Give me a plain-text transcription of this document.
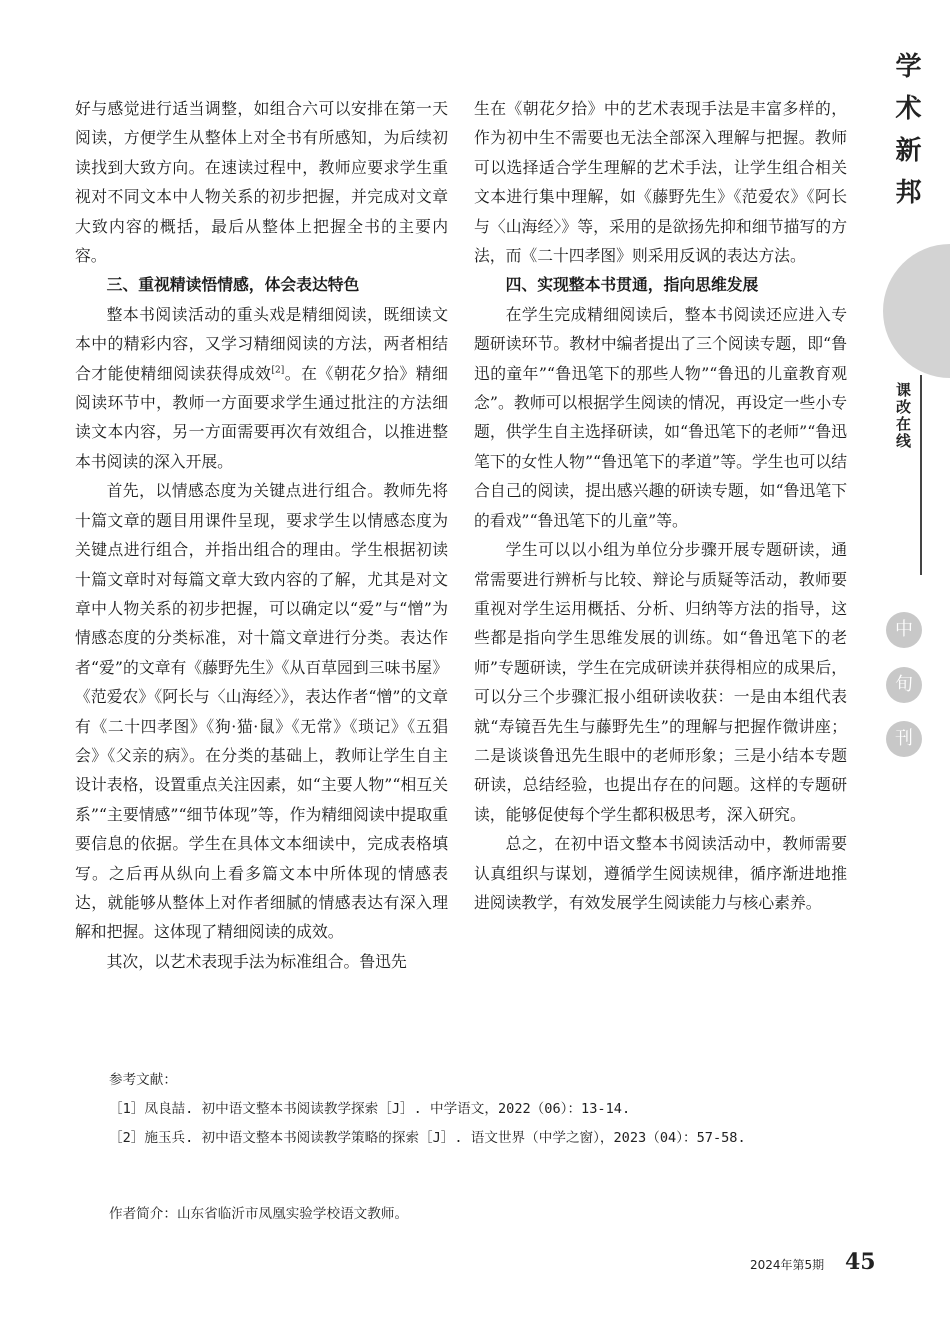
好与感觉进行适当调整，如组合六可以安排在第一天阅读，方便学生从整体上对全书有所感知，为后续初读找到大致方向。在速读过程中，教师应要求学生重视对不同文本中人物关系的初步把握，并完成对文章大致内容的概括，最后从整体上把握全书的主要内容。

三、重视精读悟情感，体会表达特色

整本书阅读活动的重头戏是精细阅读，既细读文本中的精彩内容，又学习精细阅读的方法，两者相结合才能使精细阅读获得成效[2]。在《朝花夕拾》精细阅读环节中，教师一方面要求学生通过批注的方法细读文本内容，另一方面需要再次有效组合，以推进整本书阅读的深入开展。

首先，以情感态度为关键点进行组合。教师先将十篇文章的题目用课件呈现，要求学生以情感态度为关键点进行组合，并指出组合的理由。学生根据初读十篇文章时对每篇文章大致内容的了解，尤其是对文章中人物关系的初步把握，可以确定以“爱”与“憎”为情感态度的分类标准，对十篇文章进行分类。表达作者“爱”的文章有《藤野先生》《从百草园到三味书屋》《范爱农》《阿长与〈山海经〉》，表达作者“憎”的文章有《二十四孝图》《狗·猫·鼠》《无常》《琐记》《五猖会》《父亲的病》。在分类的基础上，教师让学生自主设计表格，设置重点关注因素，如“主要人物”“相互关系”“主要情感”“细节体现”等，作为精细阅读中提取重要信息的依据。学生在具体文本细读中，完成表格填写。之后再从纵向上看多篇文本中所体现的情感表达，就能够从整体上对作者细腻的情感表达有深入理解和把握。这体现了精细阅读的成效。

其次，以艺术表现手法为标准组合。鲁迅先

生在《朝花夕拾》中的艺术表现手法是丰富多样的，作为初中生不需要也无法全部深入理解与把握。教师可以选择适合学生理解的艺术手法，让学生组合相关文本进行集中理解，如《藤野先生》《范爱农》《阿长与〈山海经〉》等，采用的是欲扬先抑和细节描写的方法，而《二十四孝图》则采用反讽的表达方法。

四、实现整本书贯通，指向思维发展

在学生完成精细阅读后，整本书阅读还应进入专题研读环节。教材中编者提出了三个阅读专题，即“鲁迅的童年”“鲁迅笔下的那些人物”“鲁迅的儿童教育观念”。教师可以根据学生阅读的情况，再设定一些小专题，供学生自主选择研读，如“鲁迅笔下的老师”“鲁迅笔下的女性人物”“鲁迅笔下的孝道”等。学生也可以结合自己的阅读，提出感兴趣的研读专题，如“鲁迅笔下的看戏”“鲁迅笔下的儿童”等。

学生可以以小组为单位分步骤开展专题研读，通常需要进行辨析与比较、辩论与质疑等活动，教师要重视对学生运用概括、分析、归纳等方法的指导，这些都是指向学生思维发展的训练。如“鲁迅笔下的老师”专题研读，学生在完成研读并获得相应的成果后，可以分三个步骤汇报小组研读收获：一是由本组代表就“寿镜吾先生与藤野先生”的理解与把握作微讲座；二是谈谈鲁迅先生眼中的老师形象；三是小结本专题研读，总结经验，也提出存在的问题。这样的专题研读，能够促使每个学生都积极思考，深入研究。

总之，在初中语文整本书阅读活动中，教师需要认真组织与谋划，遵循学生阅读规律，循序渐进地推进阅读教学，有效发展学生阅读能力与核心素养。

参考文献：
［1］凤良喆. 初中语文整本书阅读教学探索［J］. 中学语文，2022（06）：13-14.
［2］施玉兵. 初中语文整本书阅读教学策略的探索［J］. 语文世界（中学之窗），2023（04）：57-58.
作者简介：山东省临沂市凤凰实验学校语文教师。
2024年第5期 45
学术新邦
课改在线
中
旬
刊
